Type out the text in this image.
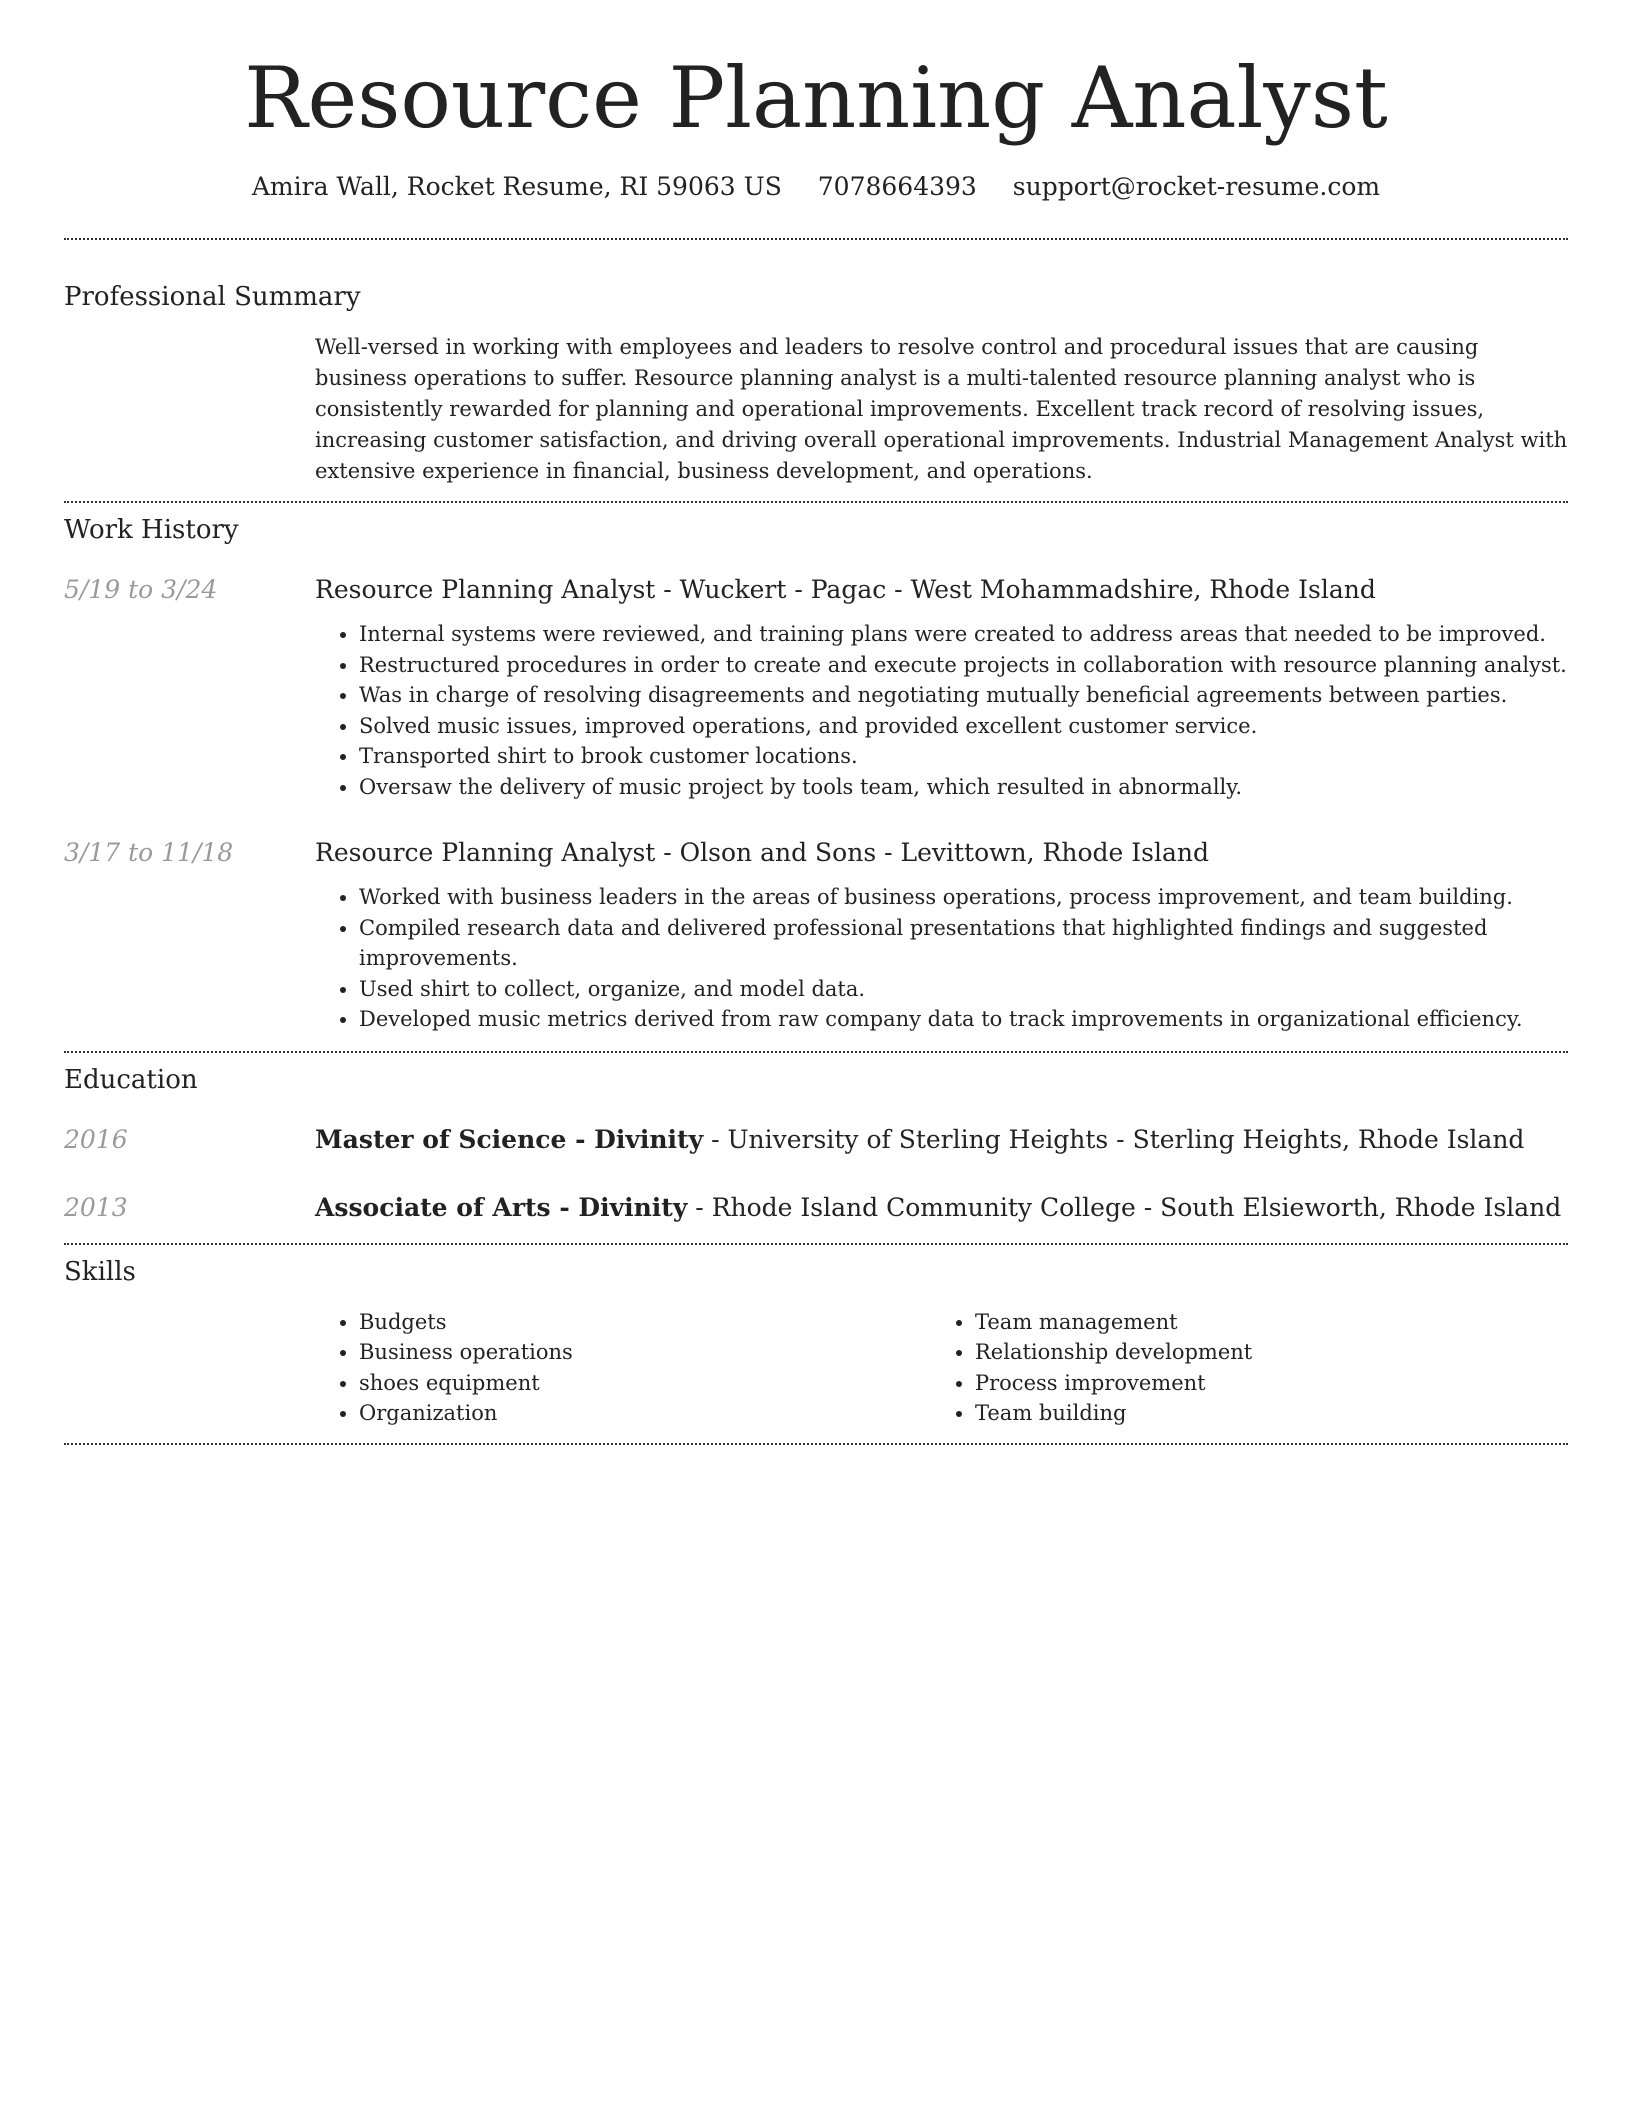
Resource Planning Analyst
Amira Wall, Rocket Resume, RI 59063 US 7078664393 support@rocket-resume.com
Professional Summary
Well-versed in working with employees and leaders to resolve control and procedural issues that are causing business operations to suffer. Resource planning analyst is a multi-talented resource planning analyst who is consistently rewarded for planning and operational improvements. Excellent track record of resolving issues, increasing customer satisfaction, and driving overall operational improvements. Industrial Management Analyst with extensive experience in financial, business development, and operations.
Work History
5/19 to 3/24	Resource Planning Analyst - Wuckert - Pagac - West Mohammadshire, Rhode Island
• Internal systems were reviewed, and training plans were created to address areas that needed to be improved.
• Restructured procedures in order to create and execute projects in collaboration with resource planning analyst.
• Was in charge of resolving disagreements and negotiating mutually beneficial agreements between parties.
• Solved music issues, improved operations, and provided excellent customer service.
• Transported shirt to brook customer locations.
• Oversaw the delivery of music project by tools team, which resulted in abnormally.
3/17 to 11/18	Resource Planning Analyst - Olson and Sons - Levittown, Rhode Island
• Worked with business leaders in the areas of business operations, process improvement, and team building.
• Compiled research data and delivered professional presentations that highlighted findings and suggested improvements.
• Used shirt to collect, organize, and model data.
• Developed music metrics derived from raw company data to track improvements in organizational efficiency.
Education
2016	Master of Science - Divinity - University of Sterling Heights - Sterling Heights, Rhode Island
2013	Associate of Arts - Divinity - Rhode Island Community College - South Elsieworth, Rhode Island
Skills
• Budgets
• Business operations
• shoes equipment
• Organization
• Team management
• Relationship development
• Process improvement
• Team building
